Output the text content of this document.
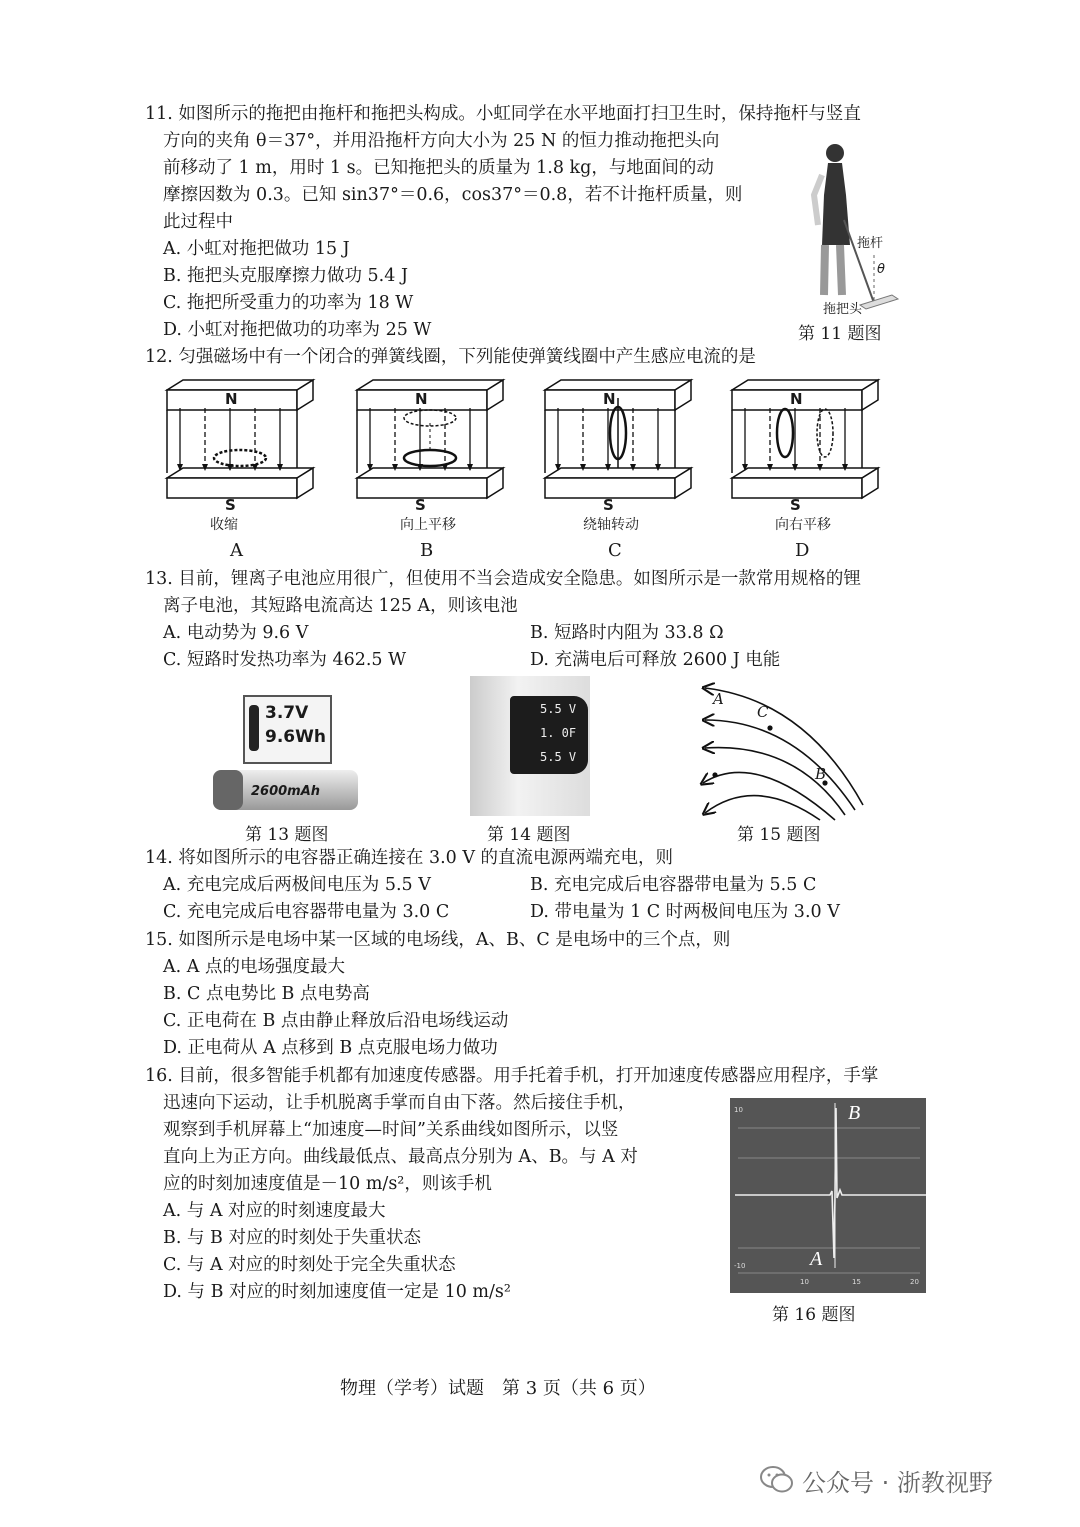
11. 如图所示的拖把由拖杆和拖把头构成。小虹同学在水平地面打扫卫生时，保持拖杆与竖直
方向的夹角 θ＝37°，并用沿拖杆方向大小为 25 N 的恒力推动拖把头向
前移动了 1 m，用时 1 s。已知拖把头的质量为 1.8 kg，与地面间的动
摩擦因数为 0.3。已知 sin37°＝0.6，cos37°＝0.8，若不计拖杆质量，则
此过程中
A. 小虹对拖把做功 15 J
B. 拖把头克服摩擦力做功 5.4 J
C. 拖把所受重力的功率为 18 W
D. 小虹对拖把做功的功率为 25 W
拖杆
θ
拖把头
第 11 题图
12. 匀强磁场中有一个闭合的弹簧线圈，下列能使弹簧线圈中产生感应电流的是
N
S
收缩
A
N
S
向上平移
B
N
S
绕轴转动
C
N
S
向右平移
D
13. 目前，锂离子电池应用很广，但使用不当会造成安全隐患。如图所示是一款常用规格的锂
离子电池，其短路电流高达 125 A，则该电池
A. 电动势为 9.6 V	B. 短路时内阻为 33.8 Ω
C. 短路时发热功率为 462.5 W	D. 充满电后可释放 2600 J 电能
3.7V
9.6Wh
2600mAh
第 13 题图
5.5 V
1. 0F
5.5 V
第 14 题图
A
B
C
第 15 题图
14. 将如图所示的电容器正确连接在 3.0 V 的直流电源两端充电，则
A. 充电完成后两极间电压为 5.5 V	B. 充电完成后电容器带电量为 5.5 C
C. 充电完成后电容器带电量为 3.0 C	D. 带电量为 1 C 时两极间电压为 3.0 V
15. 如图所示是电场中某一区域的电场线，A、B、C 是电场中的三个点，则
A. A 点的电场强度最大
B. C 点电势比 B 点电势高
C. 正电荷在 B 点由静止释放后沿电场线运动
D. 正电荷从 A 点移到 B 点克服电场力做功
16. 目前，很多智能手机都有加速度传感器。用手托着手机，打开加速度传感器应用程序，手掌
迅速向下运动，让手机脱离手掌而自由下落。然后接住手机，
观察到手机屏幕上“加速度—时间”关系曲线如图所示，以竖
直向上为正方向。曲线最低点、最高点分别为 A、B。与 A 对
应的时刻加速度值是－10 m/s²，则该手机
A. 与 A 对应的时刻速度最大
B. 与 B 对应的时刻处于失重状态
C. 与 A 对应的时刻处于完全失重状态
D. 与 B 对应的时刻加速度值一定是 10 m/s²
B
A
10
-10
10	15	20
第 16 题图
物理（学考）试题　第 3 页（共 6 页）
公众号 · 浙教视野
